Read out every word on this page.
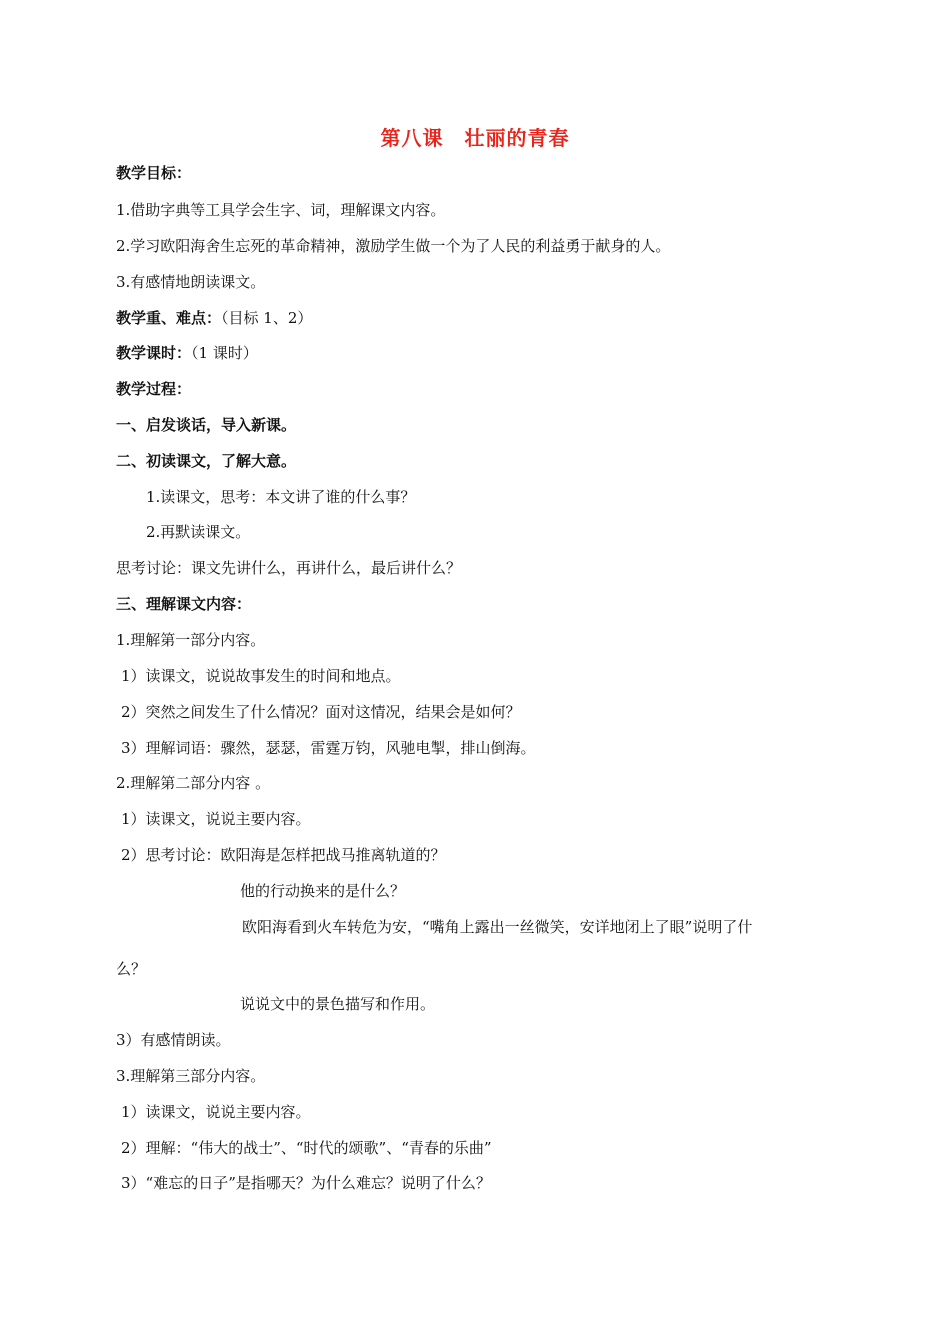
第八课　壮丽的青春
教学目标：
1.借助字典等工具学会生字、词，理解课文内容。
2.学习欧阳海舍生忘死的革命精神，激励学生做一个为了人民的利益勇于献身的人。
3.有感情地朗读课文。
教学重、难点：（目标 1、2）
教学课时：（1 课时）
教学过程：
一、启发谈话，导入新课。
二、初读课文，了解大意。
1.读课文，思考：本文讲了谁的什么事？
2.再默读课文。
思考讨论：课文先讲什么，再讲什么，最后讲什么？
三、理解课文内容：
1.理解第一部分内容。
1）读课文，说说故事发生的时间和地点。
2）突然之间发生了什么情况？面对这情况，结果会是如何？
3）理解词语：骤然，瑟瑟，雷霆万钧，风驰电掣，排山倒海。
2.理解第二部分内容 。
1）读课文，说说主要内容。
2）思考讨论：欧阳海是怎样把战马推离轨道的？
他的行动换来的是什么？
欧阳海看到火车转危为安，“嘴角上露出一丝微笑，安详地闭上了眼”说明了什
么？
说说文中的景色描写和作用。
3）有感情朗读。
3.理解第三部分内容。
1）读课文，说说主要内容。
2）理解：“伟大的战士”、“时代的颂歌”、“青春的乐曲”
3）“难忘的日子”是指哪天？为什么难忘？说明了什么？
